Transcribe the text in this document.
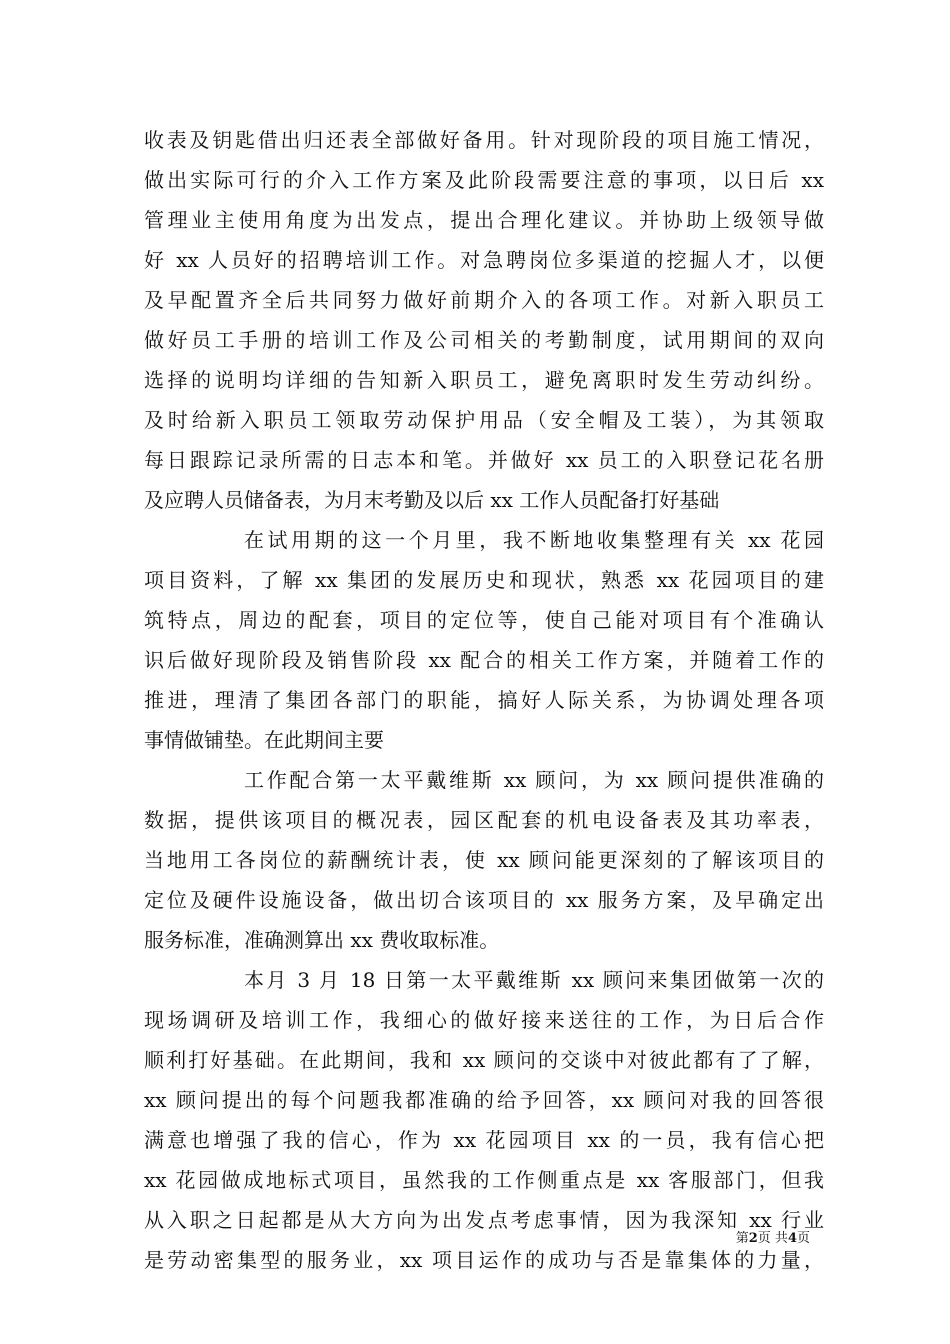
收表及钥匙借出归还表全部做好备用。针对现阶段的项目施工情况，
做出实际可行的介入工作方案及此阶段需要注意的事项，以日后 xx
管理业主使用角度为出发点，提出合理化建议。并协助上级领导做
好 xx 人员好的招聘培训工作。对急聘岗位多渠道的挖掘人才，以便
及早配置齐全后共同努力做好前期介入的各项工作。对新入职员工
做好员工手册的培训工作及公司相关的考勤制度，试用期间的双向
选择的说明均详细的告知新入职员工，避免离职时发生劳动纠纷。
及时给新入职员工领取劳动保护用品（安全帽及工装），为其领取
每日跟踪记录所需的日志本和笔。并做好 xx 员工的入职登记花名册
及应聘人员储备表，为月末考勤及以后 xx 工作人员配备打好基础
在试用期的这一个月里，我不断地收集整理有关 xx 花园
项目资料，了解 xx 集团的发展历史和现状，熟悉 xx 花园项目的建
筑特点，周边的配套，项目的定位等，使自己能对项目有个准确认
识后做好现阶段及销售阶段 xx 配合的相关工作方案，并随着工作的
推进，理清了集团各部门的职能，搞好人际关系，为协调处理各项
事情做铺垫。在此期间主要
工作配合第一太平戴维斯 xx 顾问，为 xx 顾问提供准确的
数据，提供该项目的概况表，园区配套的机电设备表及其功率表，
当地用工各岗位的薪酬统计表，使 xx 顾问能更深刻的了解该项目的
定位及硬件设施设备，做出切合该项目的 xx 服务方案，及早确定出
服务标准，准确测算出 xx 费收取标准。
本月 3 月 18 日第一太平戴维斯 xx 顾问来集团做第一次的
现场调研及培训工作，我细心的做好接来送往的工作，为日后合作
顺利打好基础。在此期间，我和 xx 顾问的交谈中对彼此都有了了解，
xx 顾问提出的每个问题我都准确的给予回答，xx 顾问对我的回答很
满意也增强了我的信心，作为 xx 花园项目 xx 的一员，我有信心把
xx 花园做成地标式项目，虽然我的工作侧重点是 xx 客服部门，但我
从入职之日起都是从大方向为出发点考虑事情，因为我深知 xx 行业
是劳动密集型的服务业，xx 项目运作的成功与否是靠集体的力量，
第2页 共4页
